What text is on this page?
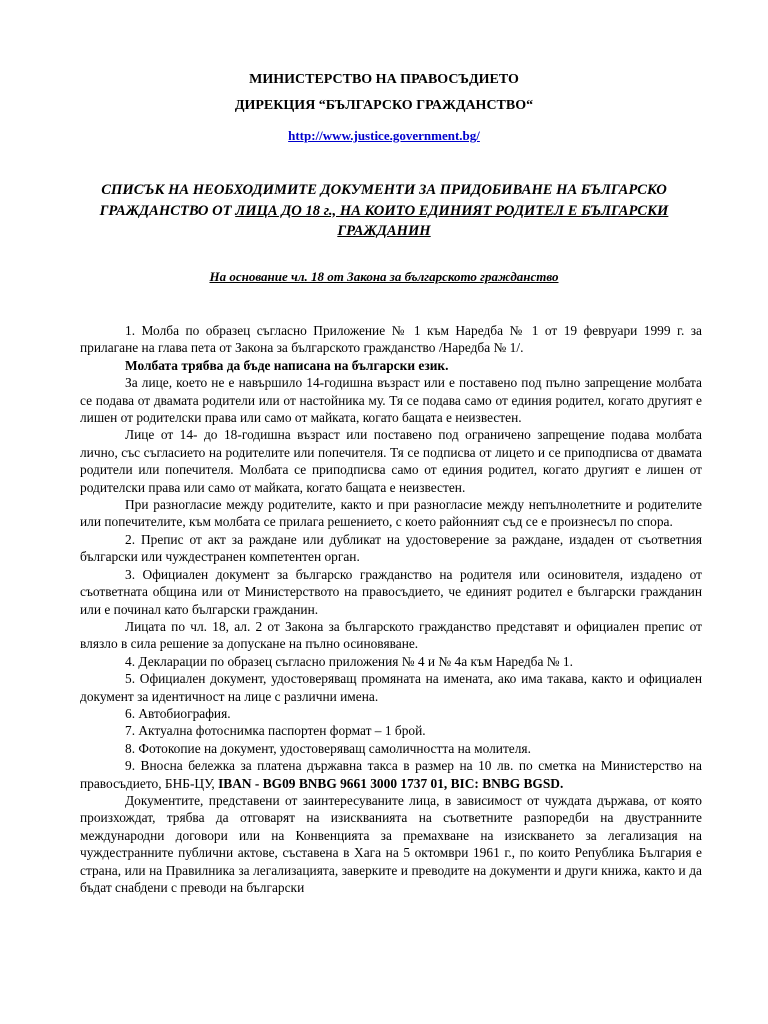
МИНИСТЕРСТВО НА ПРАВОСЪДИЕТО
ДИРЕКЦИЯ “БЪЛГАРСКО ГРАЖДАНСТВО“
http://www.justice.government.bg/
СПИСЪК НА НЕОБХОДИМИТЕ ДОКУМЕНТИ ЗА ПРИДОБИВАНЕ НА БЪЛГАРСКО ГРАЖДАНСТВО ОТ ЛИЦА ДО 18 г., НА КОИТО ЕДИНИЯТ РОДИТЕЛ Е БЪЛГАРСКИ ГРАЖДАНИН
На основание чл. 18 от Закона за българското гражданство

1. Молба по образец съгласно Приложение № 1 към Наредба № 1 от 19 февруари 1999 г. за прилагане на глава пета от Закона за българското гражданство /Наредба № 1/.

Молбата трябва да бъде написана на български език.

За лице, което не е навършило 14-годишна възраст или е поставено под пълно запрещение молбата се подава от двамата родители или от настойника му. Тя се подава само от единия родител, когато другият е лишен от родителски права или само от майката, когато бащата е неизвестен.

Лице от 14- до 18-годишна възраст или поставено под ограничено запрещение подава молбата лично, със съгласието на родителите или попечителя. Тя се подписва от лицето и се приподписва от двамата родители или попечителя. Молбата се приподписва само от единия родител, когато другият е лишен от родителски права или само от майката, когато бащата е неизвестен.

При разногласие между родителите, както и при разногласие между непълнолетните и родителите или попечителите, към молбата се прилага решението, с което районният съд се е произнесъл по спора.

2. Препис от акт за раждане или дубликат на удостоверение за раждане, издаден от съответния български или чуждестранен компетентен орган.

3. Официален документ за българско гражданство на родителя или осиновителя, издадено от съответната община или от Министерството на правосъдието, че единият родител е български гражданин или е починал като български гражданин.

Лицата по чл. 18, ал. 2 от Закона за българското гражданство представят и официален препис от влязло в сила решение за допускане на пълно осиновяване.

4. Декларации по образец съгласно приложения № 4 и № 4а към Наредба № 1.

5. Официален документ, удостоверяващ промяната на имената, ако има такава, както и официален документ за идентичност на лице с различни имена.

6. Автобиография.

7. Актуална фотоснимка паспортен формат – 1 брой.

8. Фотокопие на документ, удостоверяващ самоличността на молителя.

9. Вносна бележка за платена държавна такса в размер на 10 лв. по сметка на Министерство на правосъдието, БНБ-ЦУ, IBAN - BG09 BNBG 9661 3000 1737 01, BIC: BNBG BGSD.

Документите, представени от заинтересуваните лица, в зависимост от чуждата държава, от която произхождат, трябва да отговарят на изискванията на съответните разпоредби на двустранните международни договори или на Конвенцията за премахване на изискването за легализация на чуждестранните публични актове, съставена в Хага на 5 октомври 1961 г., по които Република България е страна, или на Правилника за легализацията, заверките и преводите на документи и други книжа, както и да бъдат снабдени с преводи на български
